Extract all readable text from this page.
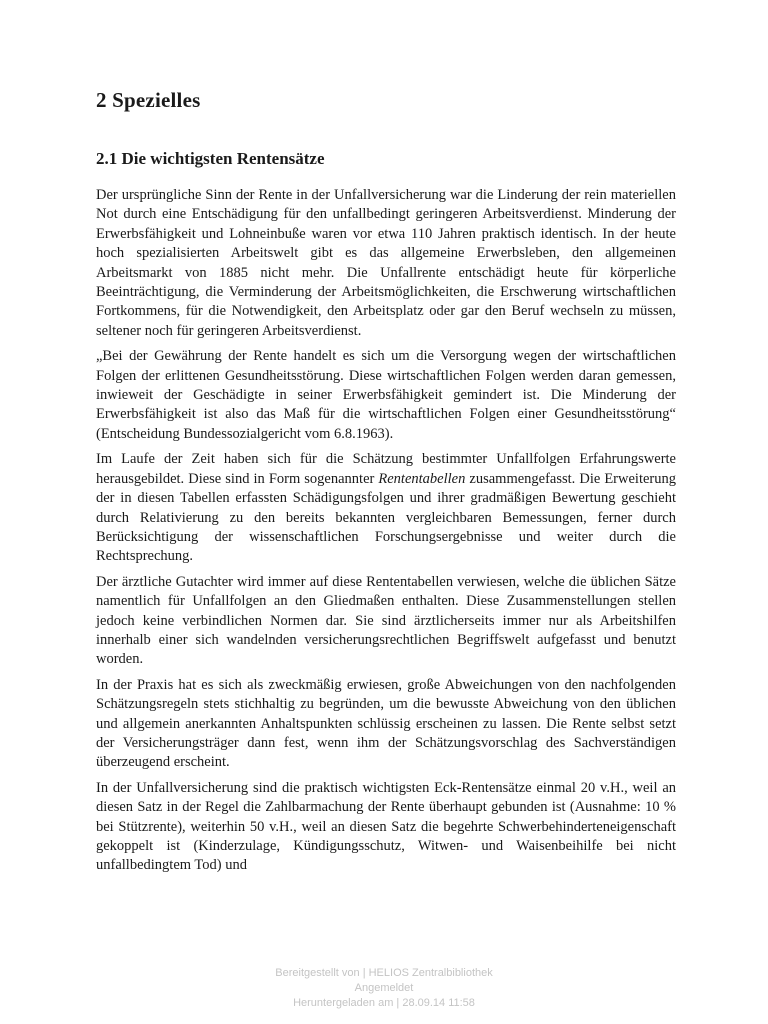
2 Spezielles
2.1 Die wichtigsten Rentensätze

Der ursprüngliche Sinn der Rente in der Unfallversicherung war die Linderung der rein materiellen Not durch eine Entschädigung für den unfallbedingt geringeren Arbeitsverdienst. Minderung der Erwerbsfähigkeit und Lohneinbuße waren vor etwa 110 Jahren praktisch identisch. In der heute hoch spezialisierten Arbeitswelt gibt es das allgemeine Erwerbsleben, den allgemeinen Arbeitsmarkt von 1885 nicht mehr. Die Unfallrente entschädigt heute für körperliche Beeinträchtigung, die Verminderung der Arbeitsmöglichkeiten, die Erschwerung wirtschaftlichen Fortkommens, für die Notwendigkeit, den Arbeitsplatz oder gar den Beruf wechseln zu müssen, seltener noch für geringeren Arbeitsverdienst.

„Bei der Gewährung der Rente handelt es sich um die Versorgung wegen der wirtschaftlichen Folgen der erlittenen Gesundheitsstörung. Diese wirtschaftlichen Folgen werden daran gemessen, inwieweit der Geschädigte in seiner Erwerbsfähigkeit gemindert ist. Die Minderung der Erwerbsfähigkeit ist also das Maß für die wirtschaftlichen Folgen einer Gesundheitsstörung“ (Entscheidung Bundessozialgericht vom 6.8.1963).

Im Laufe der Zeit haben sich für die Schätzung bestimmter Unfallfolgen Erfahrungswerte herausgebildet. Diese sind in Form sogenannter Rententabellen zusammengefasst. Die Erweiterung der in diesen Tabellen erfassten Schädigungsfolgen und ihrer gradmäßigen Bewertung geschieht durch Relativierung zu den bereits bekannten vergleichbaren Bemessungen, ferner durch Berücksichtigung der wissenschaftlichen Forschungsergebnisse und weiter durch die Rechtsprechung.

Der ärztliche Gutachter wird immer auf diese Rententabellen verwiesen, welche die üblichen Sätze namentlich für Unfallfolgen an den Gliedmaßen enthalten. Diese Zusammenstellungen stellen jedoch keine verbindlichen Normen dar. Sie sind ärztlicherseits immer nur als Arbeitshilfen innerhalb einer sich wandelnden versicherungsrechtlichen Begriffswelt aufgefasst und benutzt worden.

In der Praxis hat es sich als zweckmäßig erwiesen, große Abweichungen von den nachfolgenden Schätzungsregeln stets stichhaltig zu begründen, um die bewusste Abweichung von den üblichen und allgemein anerkannten Anhaltspunkten schlüssig erscheinen zu lassen. Die Rente selbst setzt der Versicherungsträger dann fest, wenn ihm der Schätzungsvorschlag des Sachverständigen überzeugend erscheint.

In der Unfallversicherung sind die praktisch wichtigsten Eck-Rentensätze einmal 20 v.H., weil an diesen Satz in der Regel die Zahlbarmachung der Rente überhaupt gebunden ist (Ausnahme: 10 % bei Stützrente), weiterhin 50 v.H., weil an diesen Satz die begehrte Schwerbehinderteneigenschaft gekoppelt ist (Kinderzulage, Kündigungsschutz, Witwen- und Waisenbeihilfe bei nicht unfallbedingtem Tod) und

Bereitgestellt von | HELIOS Zentralbibliothek
Angemeldet
Heruntergeladen am | 28.09.14 11:58
